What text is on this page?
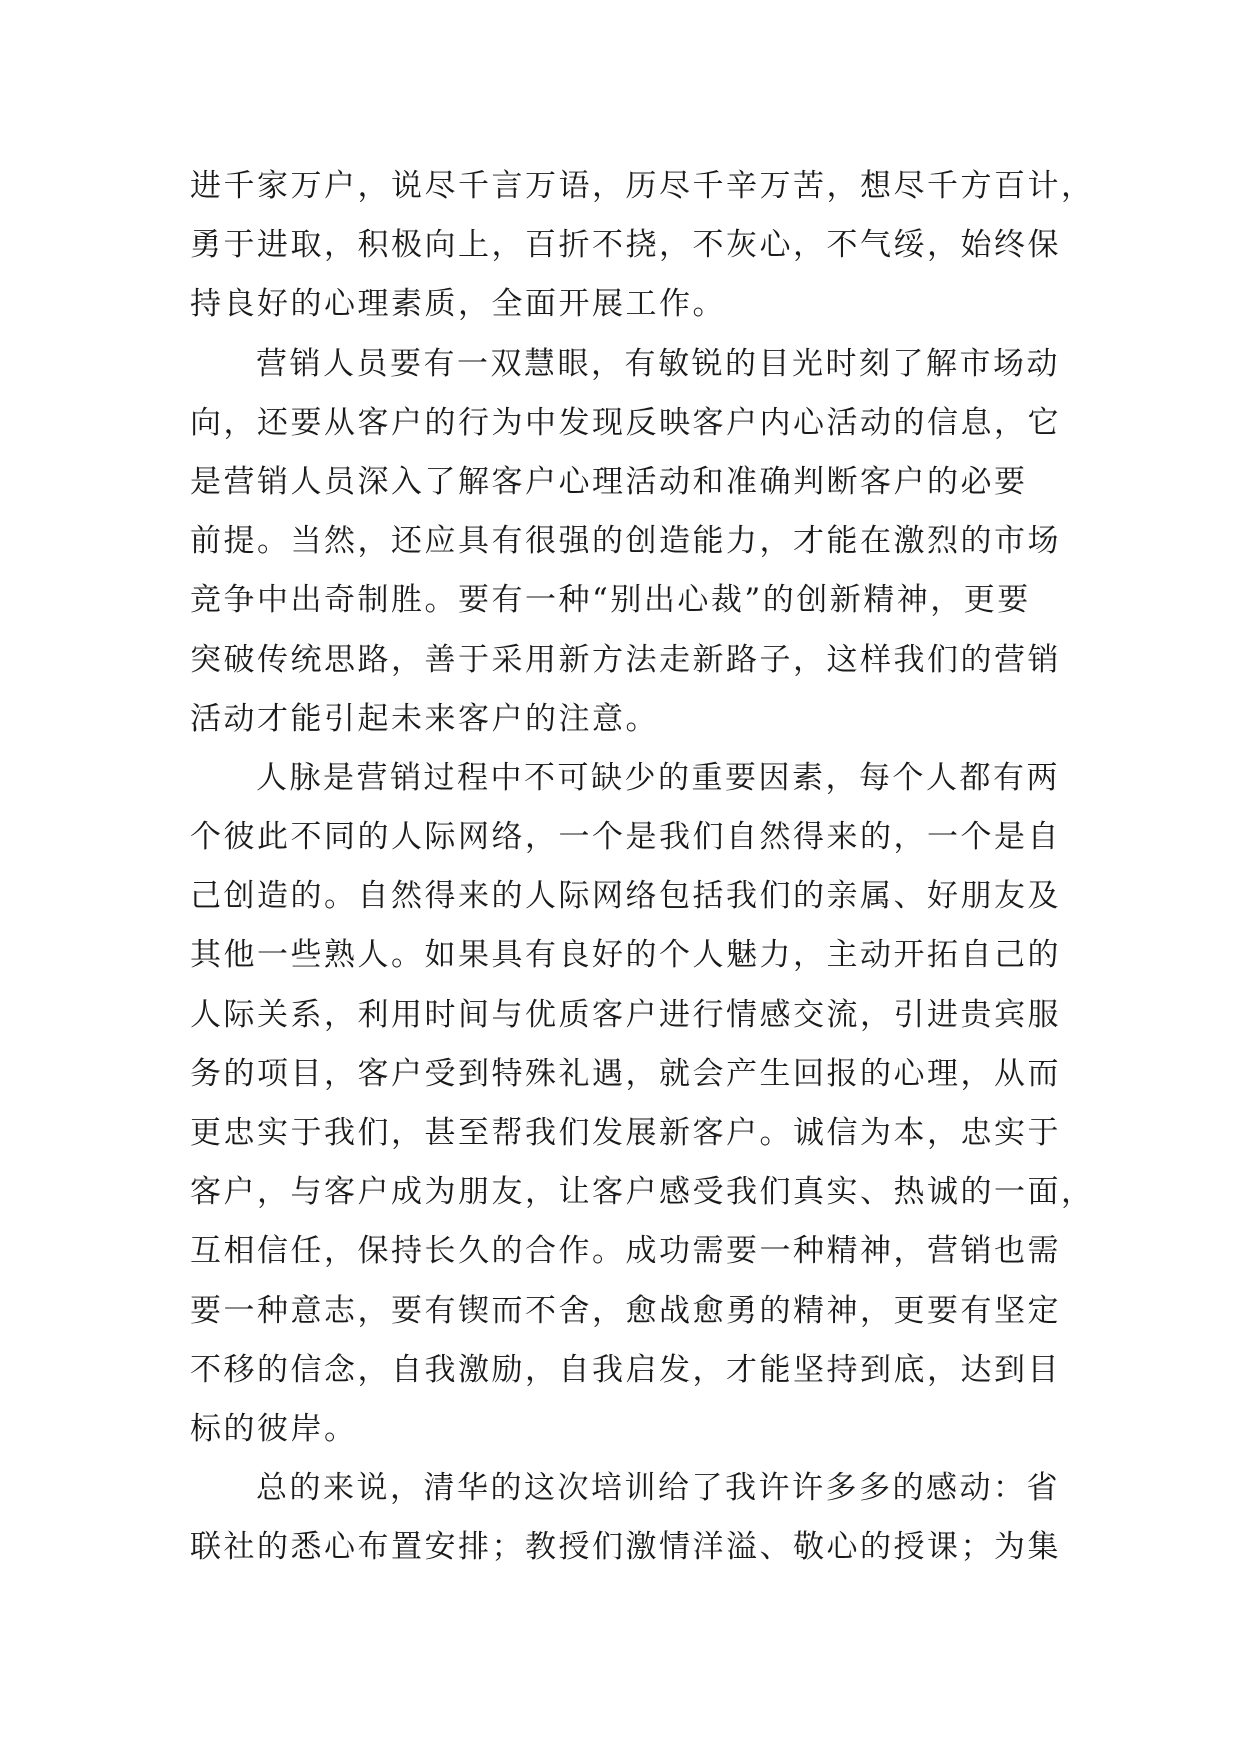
进千家万户，说尽千言万语，历尽千辛万苦，想尽千方百计，
勇于进取，积极向上，百折不挠，不灰心，不气绥，始终保
持良好的心理素质，全面开展工作。
营销人员要有一双慧眼，有敏锐的目光时刻了解市场动
向，还要从客户的行为中发现反映客户内心活动的信息，它
是营销人员深入了解客户心理活动和准确判断客户的必要
前提。当然，还应具有很强的创造能力，才能在激烈的市场
竞争中出奇制胜。要有一种“别出心裁”的创新精神，更要
突破传统思路，善于采用新方法走新路子，这样我们的营销
活动才能引起未来客户的注意。
人脉是营销过程中不可缺少的重要因素，每个人都有两
个彼此不同的人际网络，一个是我们自然得来的，一个是自
己创造的。自然得来的人际网络包括我们的亲属、好朋友及
其他一些熟人。如果具有良好的个人魅力，主动开拓自己的
人际关系，利用时间与优质客户进行情感交流，引进贵宾服
务的项目，客户受到特殊礼遇，就会产生回报的心理，从而
更忠实于我们，甚至帮我们发展新客户。诚信为本，忠实于
客户，与客户成为朋友，让客户感受我们真实、热诚的一面，
互相信任，保持长久的合作。成功需要一种精神，营销也需
要一种意志，要有锲而不舍，愈战愈勇的精神，更要有坚定
不移的信念，自我激励，自我启发，才能坚持到底，达到目
标的彼岸。
总的来说，清华的这次培训给了我许许多多的感动：省
联社的悉心布置安排；教授们激情洋溢、敬心的授课；为集
